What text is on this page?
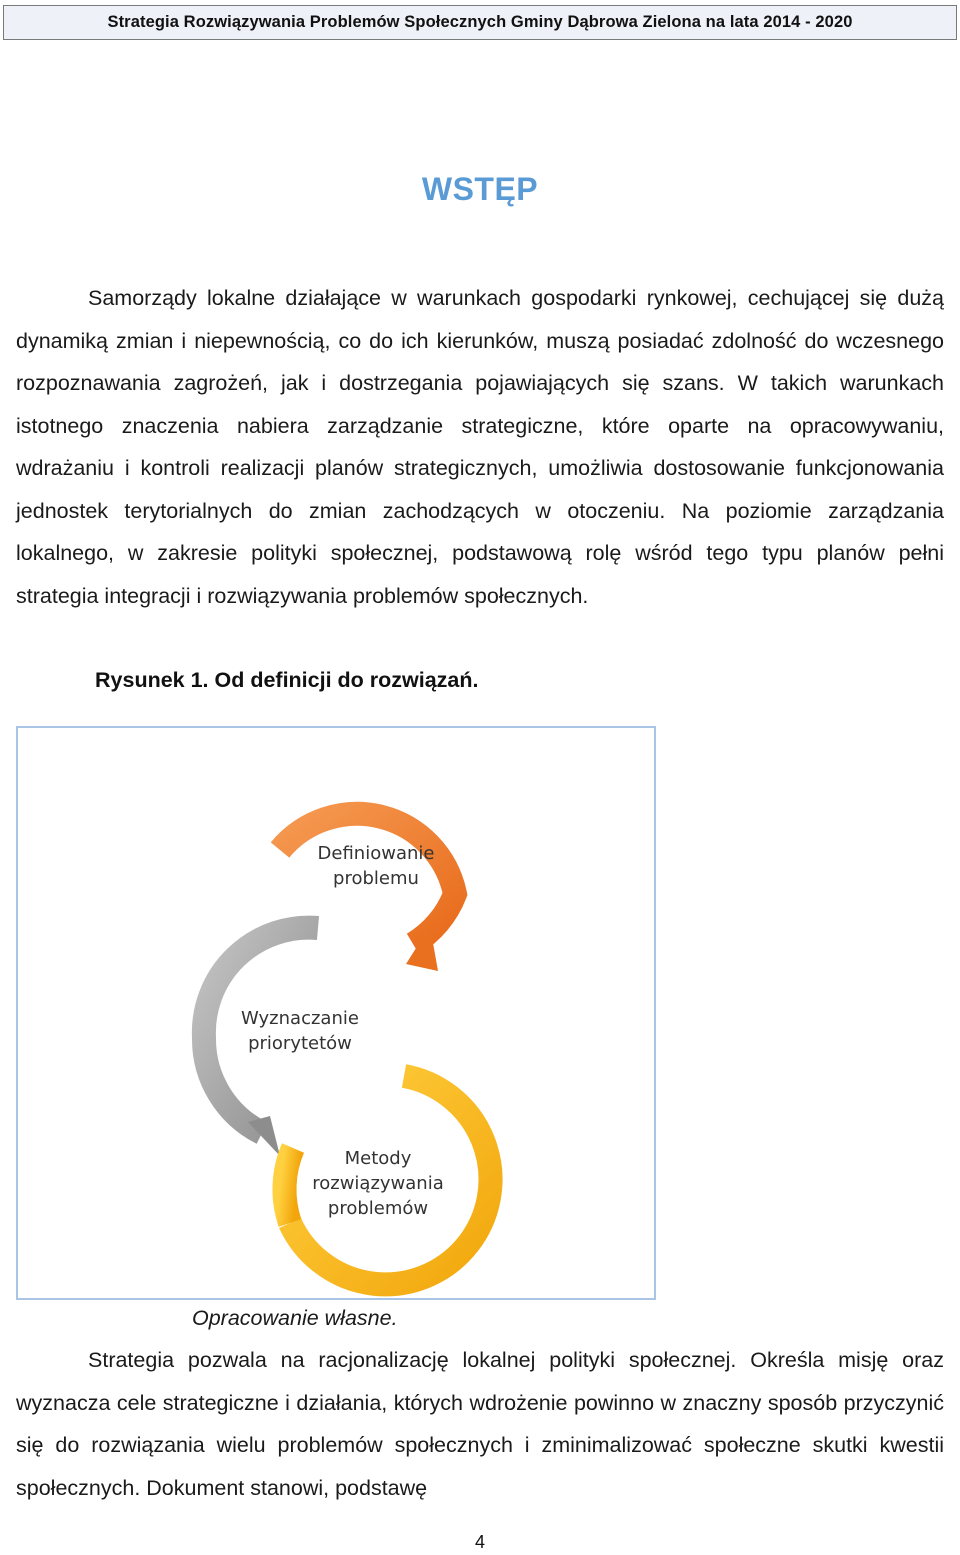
Strategia Rozwiązywania Problemów Społecznych Gminy Dąbrowa Zielona na lata 2014 - 2020
WSTĘP
Samorządy lokalne działające w warunkach gospodarki rynkowej, cechującej się dużą dynamiką zmian i niepewnością, co do ich kierunków, muszą posiadać zdolność do wczesnego rozpoznawania zagrożeń, jak i dostrzegania pojawiających się szans. W takich warunkach istotnego znaczenia nabiera zarządzanie strategiczne, które oparte na opracowywaniu, wdrażaniu i kontroli realizacji planów strategicznych, umożliwia dostosowanie funkcjonowania jednostek terytorialnych do zmian zachodzących w otoczeniu. Na poziomie zarządzania lokalnego, w zakresie polityki społecznej, podstawową rolę wśród tego typu planów pełni strategia integracji i rozwiązywania problemów społecznych.
Rysunek 1. Od definicji do rozwiązań.
Definiowanie
problemu
Wyznaczanie
priorytetów
Metody
rozwiązywania
problemów
Opracowanie własne.
Strategia pozwala na racjonalizację lokalnej polityki społecznej. Określa misję oraz wyznacza cele strategiczne i działania, których wdrożenie powinno w znaczny sposób przyczynić się do rozwiązania wielu problemów społecznych i zminimalizować społeczne skutki kwestii społecznych. Dokument stanowi, podstawę
4
